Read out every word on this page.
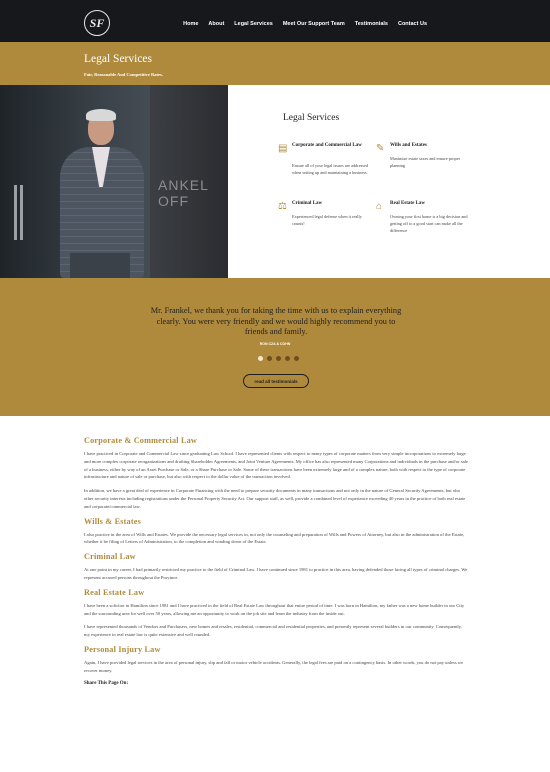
SF	Home About Legal Services Meet Our Support Team Testimonials Contact Us
Legal Services

Fair, Reasonable And Competitive Rates.

ANKEL OFF
Legal Services
▤ Corporate and Commercial Law
Ensure all of your legal issues are addressed when setting up and maintaining a business.
✎	Wills and Estates
Maximize estate taxes and ensure proper planning
⚖ Criminal Law
Experienced legal defense when it really counts!
⌂	Real Estate Law
Owning your first home is a big decision and getting off to a good start can make all the difference
Mr. Frankel, we thank you for taking the time with us to explain everything clearly. You were very friendly and we would highly recommend you to friends and family.
RON CZA & COHN
read all testimonials
Corporate & Commercial Law

I have practiced in Corporate and Commercial Law since graduating Law School. I have represented clients with respect to many types of corporate matters from very simple incorporations to extremely large and more complex corporate reorganizations and drafting Shareholder Agreements, and Joint Venture Agreements. My office has also represented many Corporations and individuals in the purchase and/or sale of a business, either by way of an Asset Purchase or Sale, or a Share Purchase or Sale. Some of these transactions have been extremely large and of a complex nature, both with respect to the type of corporate infrastructure and nature of sale or purchase, but also with respect to the dollar value of the transaction involved.

In addition, we have a great deal of experience in Corporate Financing with the need to prepare security documents in many transactions and not only in the nature of General Security Agreements, but also other security interests including registrations under the Personal Property Security Act. Our support staff, as well, provide a combined level of experience exceeding 40 years in the practice of both real estate and corporate/commercial law.

Wills & Estates

I also practice in the area of Wills and Estates. We provide the necessary legal services in, not only the counseling and preparation of Wills and Powers of Attorney, but also in the administration of the Estate, whether it be filing of Letters of Administration, to the completion and winding down of the Estate.

Criminal Law

At one point in my career, I had primarily restricted my practice to the field of Criminal Law. I have continued since 1981 to practice in this area, having defended those facing all types of criminal charges. We represent accused persons throughout the Province.

Real Estate Law

I have been a solicitor in Hamilton since 1981 and I have practiced in the field of Real Estate Law throughout that entire period of time. I was born in Hamilton, my father was a new home builder in our City and the surrounding area for well over 50 years, allowing me an opportunity to work on the job site and learn the industry from the inside out.

I have represented thousands of Vendors and Purchasers, new homes and resales, residential, commercial and residential properties, and presently represent several builders in our community. Consequently, my experience in real estate law is quite extensive and well rounded.

Personal Injury Law

Again, I have provided legal services in the area of personal injury, slip and fall or motor vehicle accidents. Generally, the legal fees are paid on a contingency basis. In other words, you do not pay unless we recover money.

Share This Page On:
